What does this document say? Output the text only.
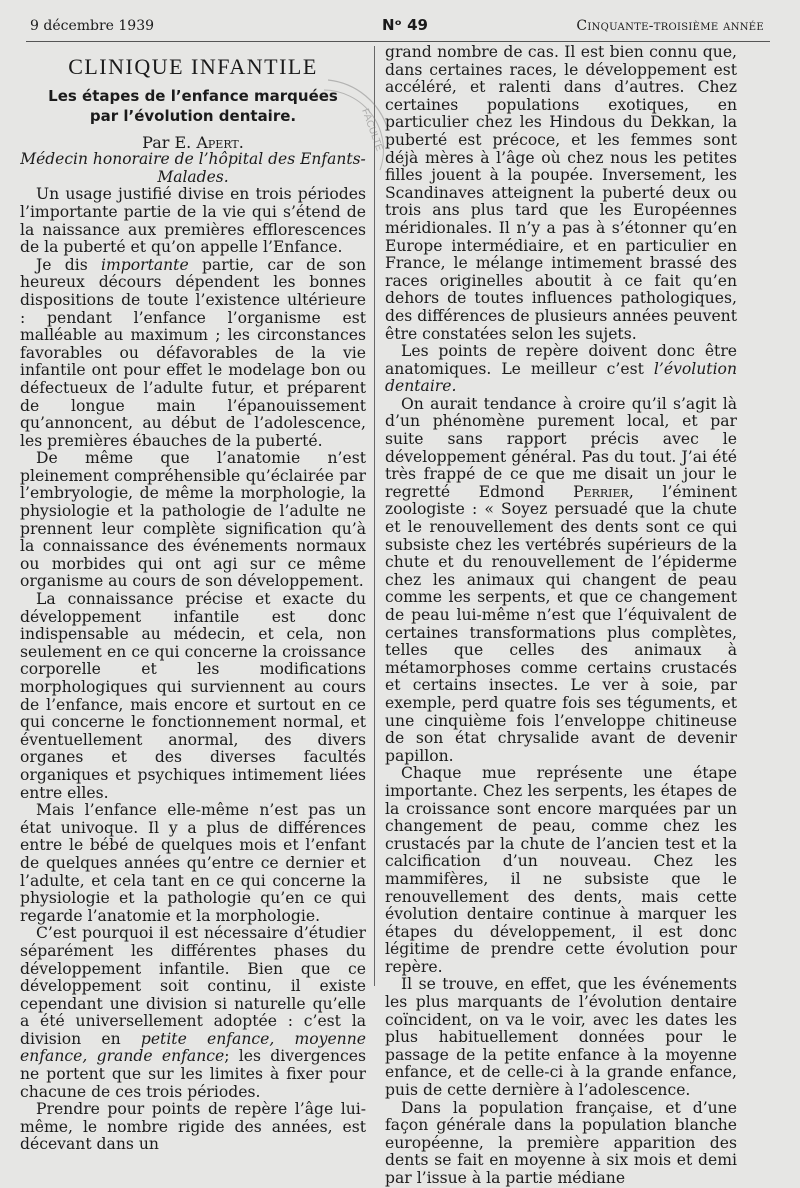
9 décembre 1939	Nᵒ 49	Cinquante-troisième année
FACULTÉ
CLINIQUE INFANTILE
Les étapes de l’enfance marquées
par l’évolution dentaire.

Par E. Apert.

Médecin honoraire de l’hôpital des Enfants-Malades.

Un usage justifié divise en trois périodes l’importante partie de la vie qui s’étend de la naissance aux premières efflorescences de la puberté et qu’on appelle l’Enfance.

Je dis importante partie, car de son heureux décours dépendent les bonnes dispositions de toute l’existence ultérieure : pendant l’enfance l’organisme est malléable au maximum ; les circonstances favorables ou défavorables de la vie infantile ont pour effet le modelage bon ou défectueux de l’adulte futur, et préparent de longue main l’épanouissement qu’annoncent, au début de l’adolescence, les premières ébauches de la puberté.

De même que l’anatomie n’est pleinement compréhensible qu’éclairée par l’embryologie, de même la morphologie, la physiologie et la pathologie de l’adulte ne prennent leur complète signification qu’à la connaissance des événements normaux ou morbides qui ont agi sur ce même organisme au cours de son développement.

La connaissance précise et exacte du développement infantile est donc indispensable au médecin, et cela, non seulement en ce qui concerne la croissance corporelle et les modifications morphologiques qui surviennent au cours de l’enfance, mais encore et surtout en ce qui concerne le fonctionnement normal, et éventuellement anormal, des divers organes et des diverses facultés organiques et psychiques intimement liées entre elles.

Mais l’enfance elle-même n’est pas un état univoque. Il y a plus de différences entre le bébé de quelques mois et l’enfant de quelques années qu’entre ce dernier et l’adulte, et cela tant en ce qui concerne la physiologie et la pathologie qu’en ce qui regarde l’anatomie et la morphologie.

C’est pourquoi il est nécessaire d’étudier séparément les différentes phases du développement infantile. Bien que ce développement soit continu, il existe cependant une division si naturelle qu’elle a été universellement adoptée : c’est la division en petite enfance, moyenne enfance, grande enfance; les divergences ne portent que sur les limites à fixer pour chacune de ces trois périodes.

Prendre pour points de repère l’âge lui-même, le nombre rigide des années, est décevant dans un

grand nombre de cas. Il est bien connu que, dans certaines races, le développement est accéléré, et ralenti dans d’autres. Chez certaines populations exotiques, en particulier chez les Hindous du Dekkan, la puberté est précoce, et les femmes sont déjà mères à l’âge où chez nous les petites filles jouent à la poupée. Inversement, les Scandinaves atteignent la puberté deux ou trois ans plus tard que les Européennes méridionales. Il n’y a pas à s’étonner qu’en Europe intermédiaire, et en particulier en France, le mélange intimement brassé des races originelles aboutit à ce fait qu’en dehors de toutes influences pathologiques, des différences de plusieurs années peuvent être constatées selon les sujets.

Les points de repère doivent donc être anatomiques. Le meilleur c’est l’évolution dentaire.

On aurait tendance à croire qu’il s’agit là d’un phénomène purement local, et par suite sans rapport précis avec le développement général. Pas du tout. J’ai été très frappé de ce que me disait un jour le regretté Edmond Perrier, l’éminent zoologiste : « Soyez persuadé que la chute et le renouvellement des dents sont ce qui subsiste chez les vertébrés supérieurs de la chute et du renouvellement de l’épiderme chez les animaux qui changent de peau comme les serpents, et que ce changement de peau lui-même n’est que l’équivalent de certaines transformations plus complètes, telles que celles des animaux à métamorphoses comme certains crustacés et certains insectes. Le ver à soie, par exemple, perd quatre fois ses téguments, et une cinquième fois l’enveloppe chitineuse de son état chrysalide avant de devenir papillon.

Chaque mue représente une étape importante. Chez les serpents, les étapes de la croissance sont encore marquées par un changement de peau, comme chez les crustacés par la chute de l’ancien test et la calcification d’un nouveau. Chez les mammifères, il ne subsiste que le renouvellement des dents, mais cette évolution dentaire continue à marquer les étapes du développement, il est donc légitime de prendre cette évolution pour repère.

Il se trouve, en effet, que les événements les plus marquants de l’évolution dentaire coïncident, on va le voir, avec les dates les plus habituellement données pour le passage de la petite enfance à la moyenne enfance, et de celle-ci à la grande enfance, puis de cette dernière à l’adolescence.

Dans la population française, et d’une façon générale dans la population blanche européenne, la première apparition des dents se fait en moyenne à six mois et demi par l’issue à la partie médiane
